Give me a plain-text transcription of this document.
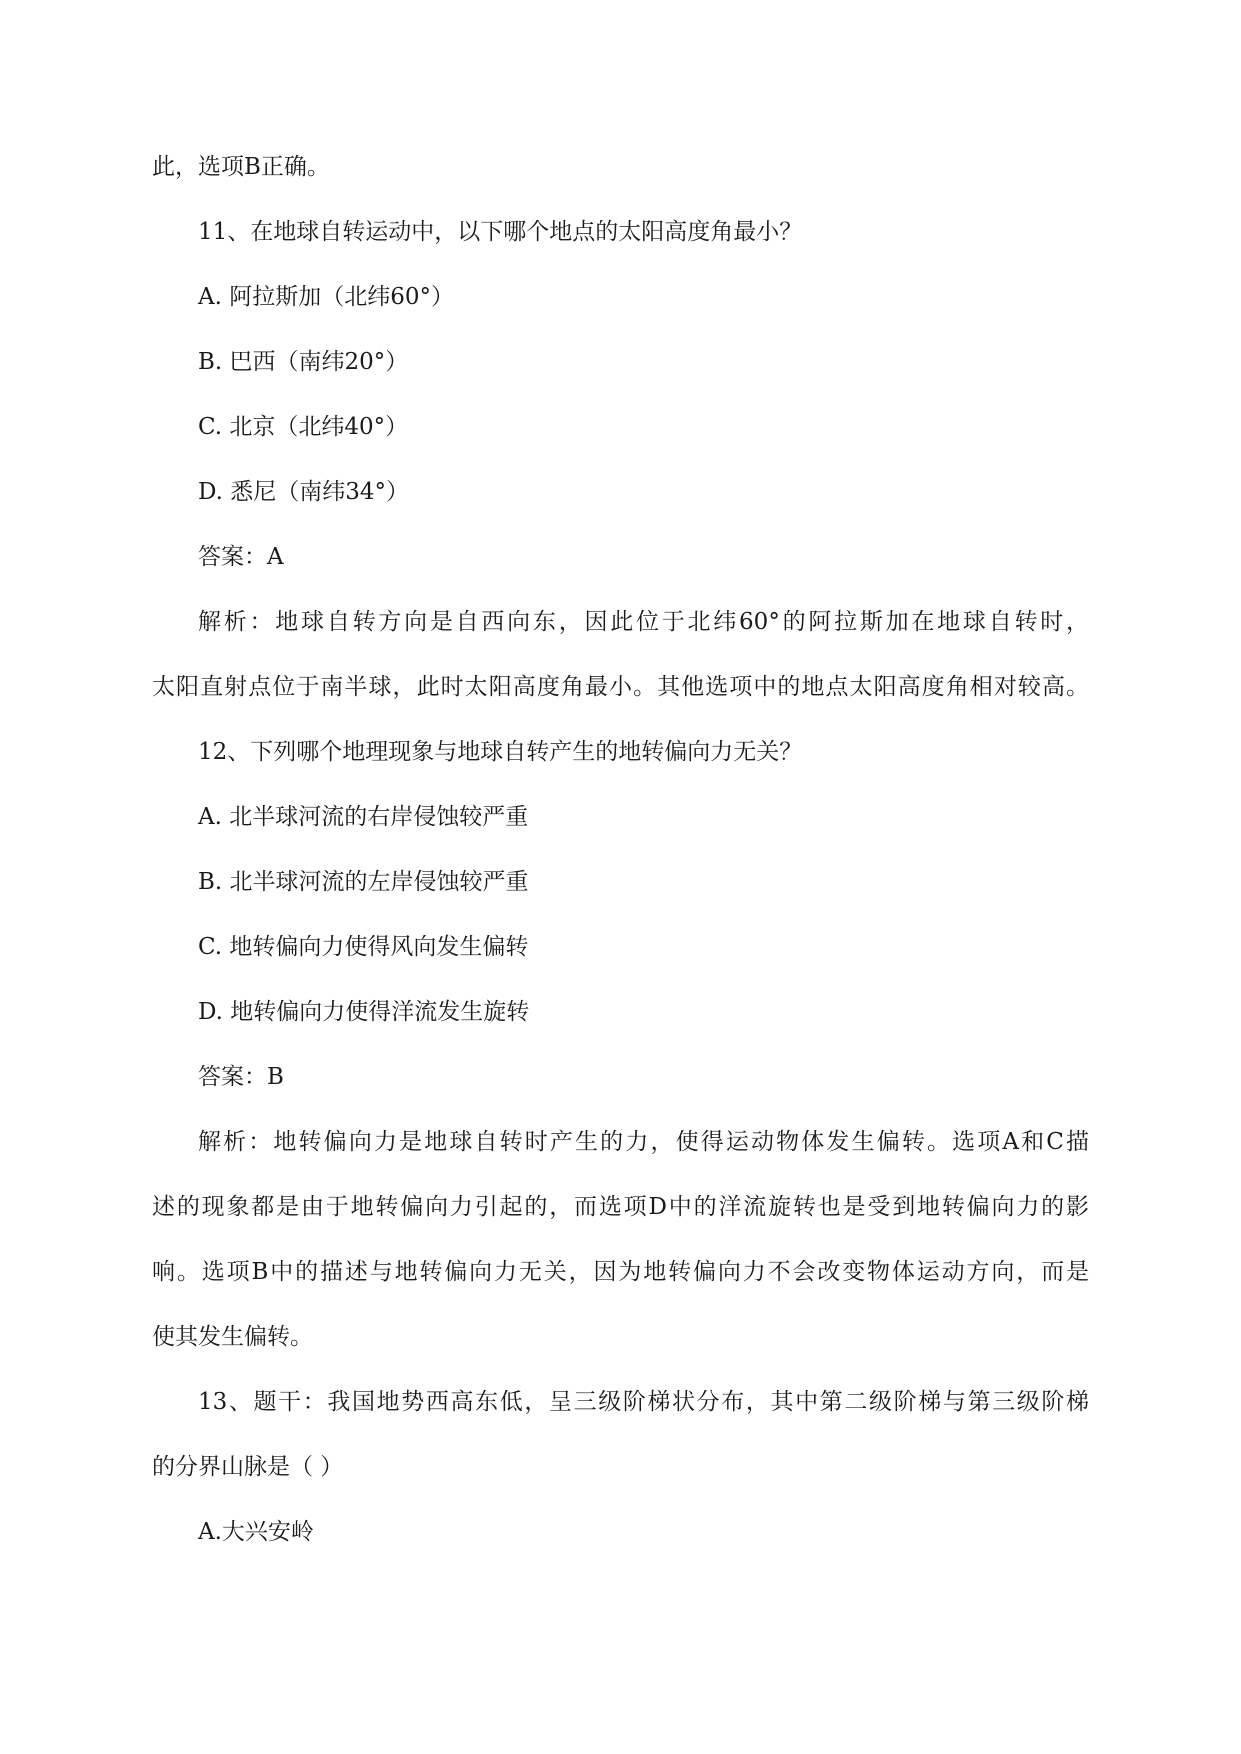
此，选项B正确。
11、在地球自转运动中，以下哪个地点的太阳高度角最小？
A. 阿拉斯加（北纬60°）
B. 巴西（南纬20°）
C. 北京（北纬40°）
D. 悉尼（南纬34°）
答案：A
解析：地球自转方向是自西向东，因此位于北纬60°的阿拉斯加在地球自转时，
太阳直射点位于南半球，此时太阳高度角最小。其他选项中的地点太阳高度角相对较高。
12、下列哪个地理现象与地球自转产生的地转偏向力无关？
A. 北半球河流的右岸侵蚀较严重
B. 北半球河流的左岸侵蚀较严重
C. 地转偏向力使得风向发生偏转
D. 地转偏向力使得洋流发生旋转
答案：B
解析：地转偏向力是地球自转时产生的力，使得运动物体发生偏转。选项A和C描
述的现象都是由于地转偏向力引起的，而选项D中的洋流旋转也是受到地转偏向力的影
响。选项B中的描述与地转偏向力无关，因为地转偏向力不会改变物体运动方向，而是
使其发生偏转。
13、题干：我国地势西高东低，呈三级阶梯状分布，其中第二级阶梯与第三级阶梯
的分界山脉是（ ）
A.大兴安岭
